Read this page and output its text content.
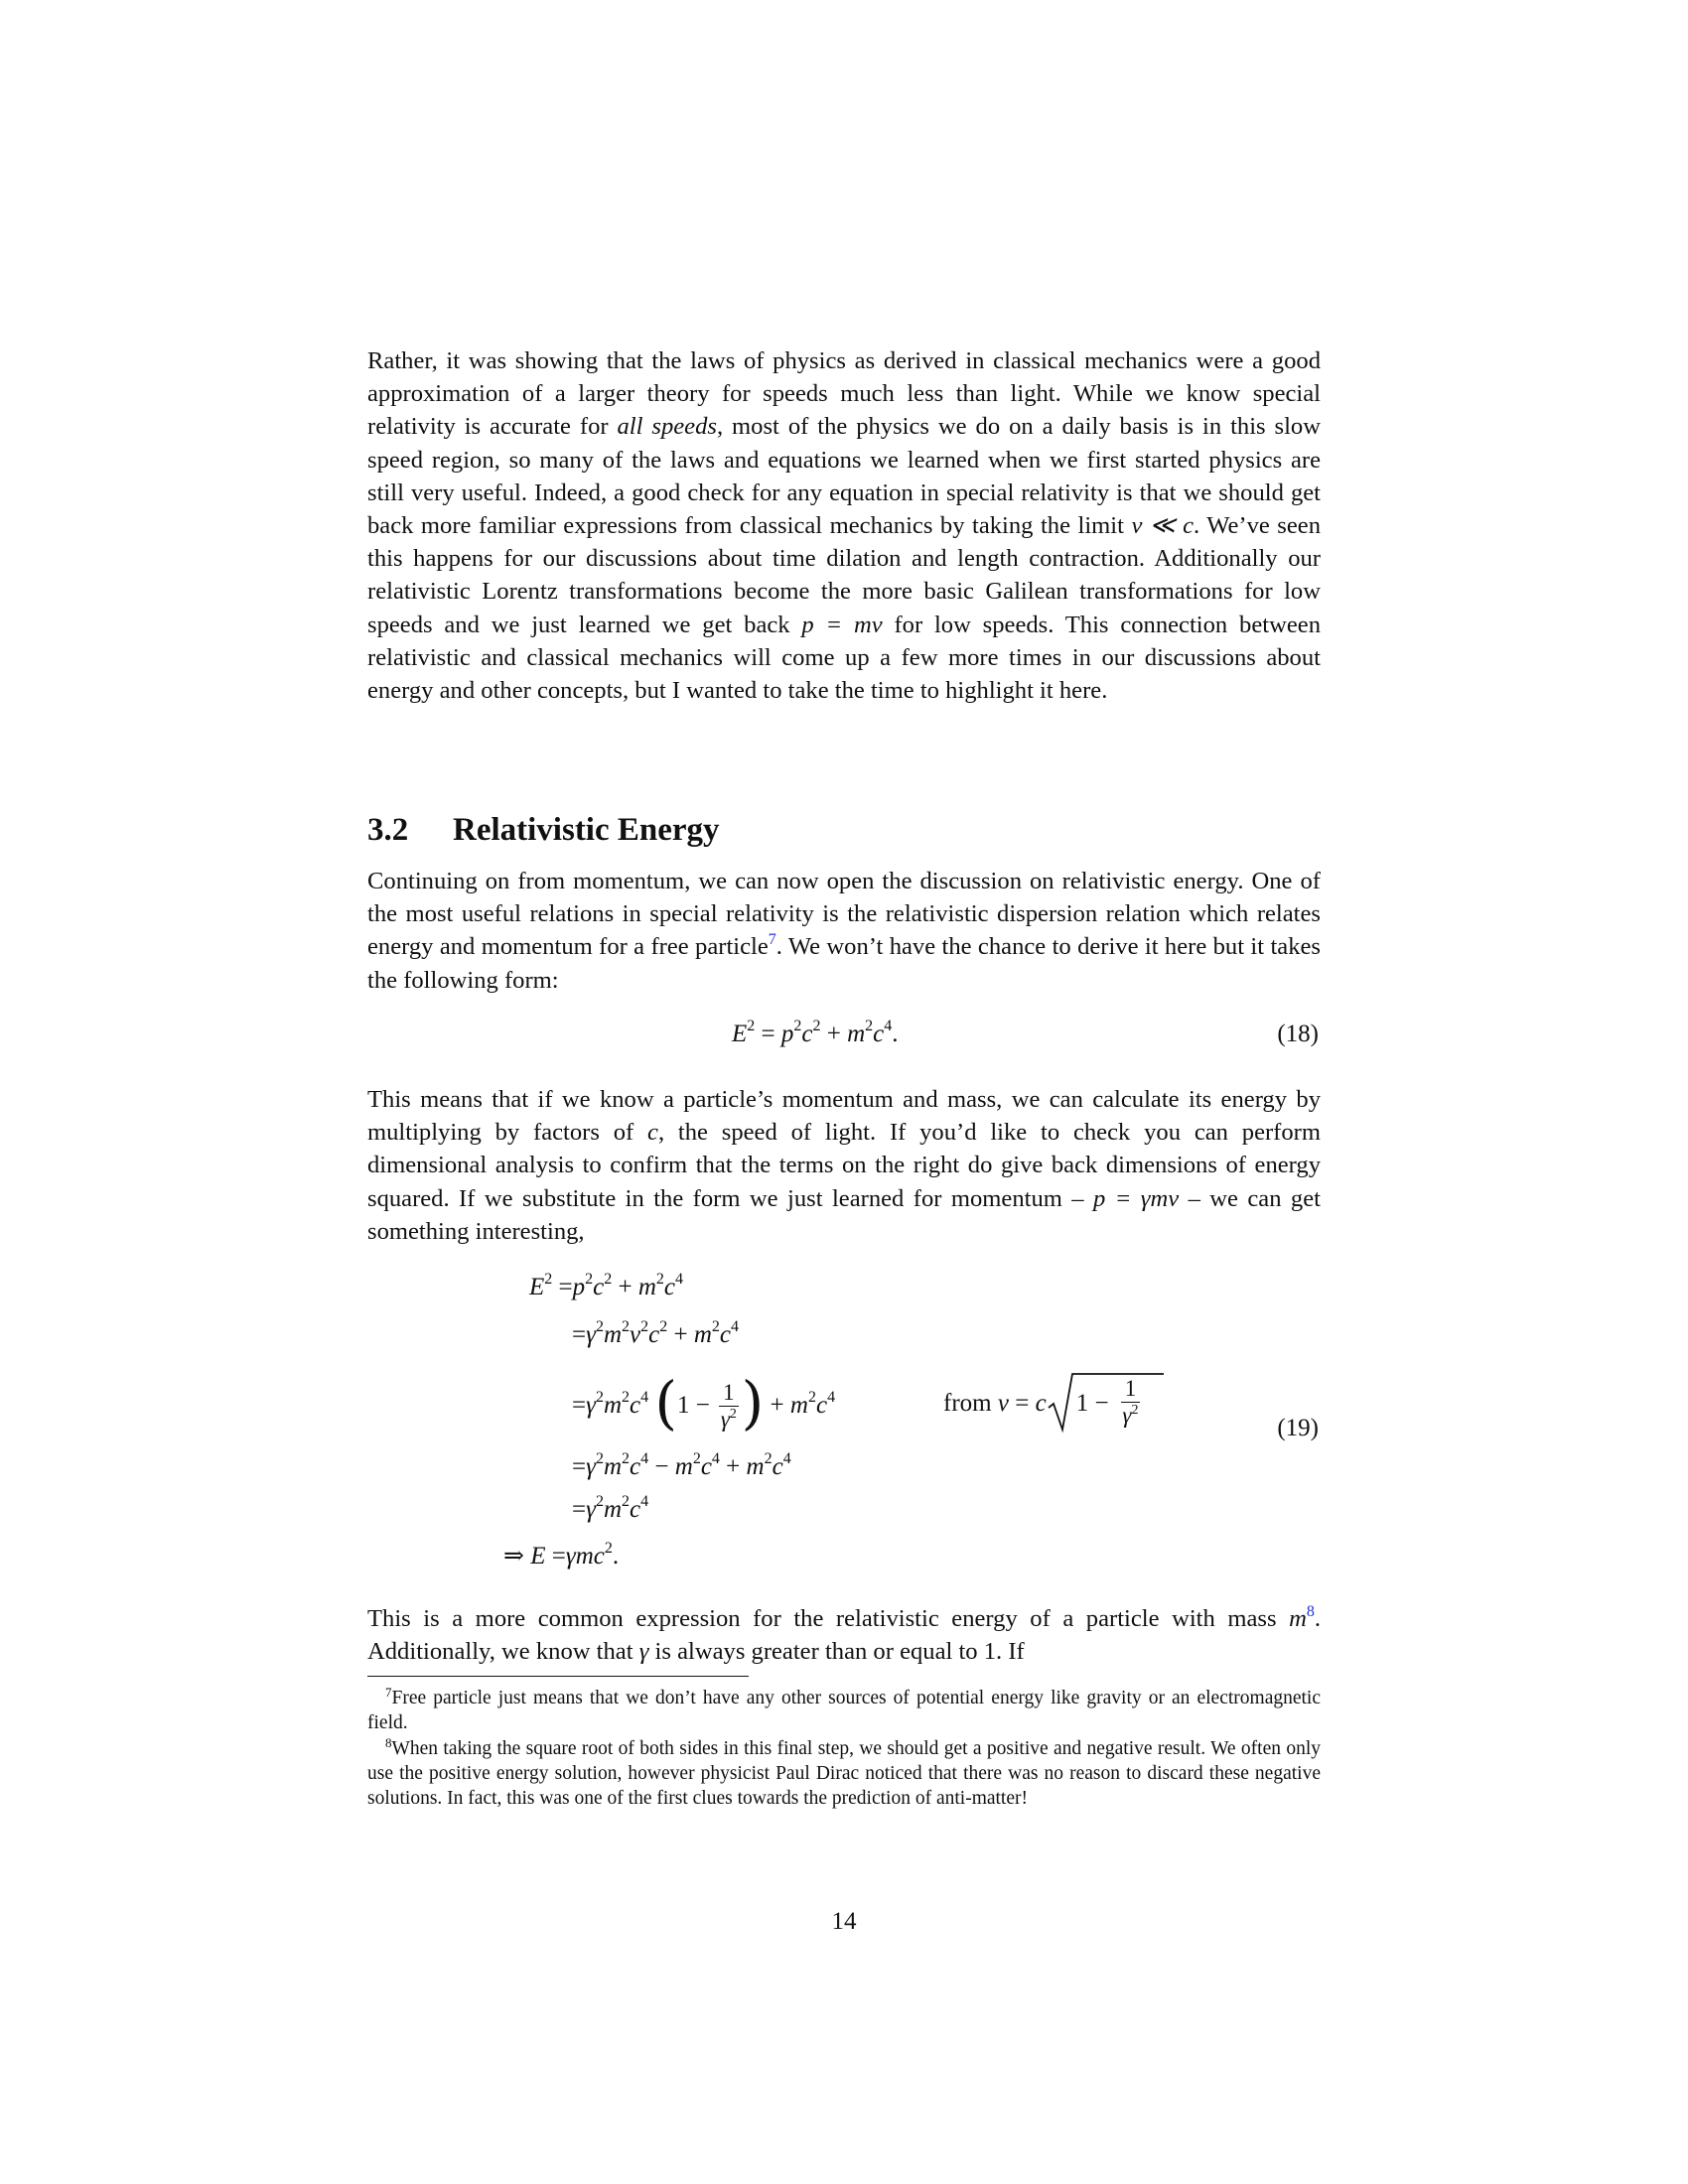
Rather, it was showing that the laws of physics as derived in classical mechanics were a good approximation of a larger theory for speeds much less than light. While we know special relativity is accurate for all speeds, most of the physics we do on a daily basis is in this slow speed region, so many of the laws and equations we learned when we first started physics are still very useful. Indeed, a good check for any equation in special relativity is that we should get back more familiar expressions from classical mechanics by taking the limit v ≪ c. We’ve seen this happens for our discussions about time dilation and length contraction. Additionally our relativistic Lorentz transformations become the more basic Galilean transformations for low speeds and we just learned we get back p = mv for low speeds. This connection between relativistic and classical mechanics will come up a few more times in our discussions about energy and other concepts, but I wanted to take the time to highlight it here.

3.2 Relativistic Energy

Continuing on from momentum, we can now open the discussion on relativistic energy. One of the most useful relations in special relativity is the relativistic dispersion relation which relates energy and momentum for a free particle$^7$. We won’t have the chance to derive it here but it takes the following form:

$E^2 = p^2c^2 + m^2c^4$.	(18)

This means that if we know a particle’s momentum and mass, we can calculate its energy by multiplying by factors of c, the speed of light. If you’d like to check you can perform dimensional analysis to confirm that the terms on the right do give back dimensions of energy squared. If we substitute in the form we just learned for momentum – p = γmv – we can get something interesting,

$E^2 =p^2c^2 + m^2c^4$
$=\gamma^2m^2v^2c^2 + m^2c^4$
$=\gamma^2m^2c^4$ ($1 - \frac{1}{\gamma^2}$ ) + $m^2c^4$	from v = c $1 - \frac{1}{\gamma^2}$
$=\gamma^2m^2c^4 - m^2c^4 + m^2c^4$
$=\gamma^2m^2c^4$
⇒ E =γmc$^2$.
(19)

This is a more common expression for the relativistic energy of a particle with mass m$^8$. Additionally, we know that γ is always greater than or equal to 1. If

$^7$Free particle just means that we don’t have any other sources of potential energy like gravity or an electromagnetic field.
$^8$When taking the square root of both sides in this final step, we should get a positive and negative result. We often only use the positive energy solution, however physicist Paul Dirac noticed that there was no reason to discard these negative solutions. In fact, this was one of the first clues towards the prediction of anti-matter!
14
